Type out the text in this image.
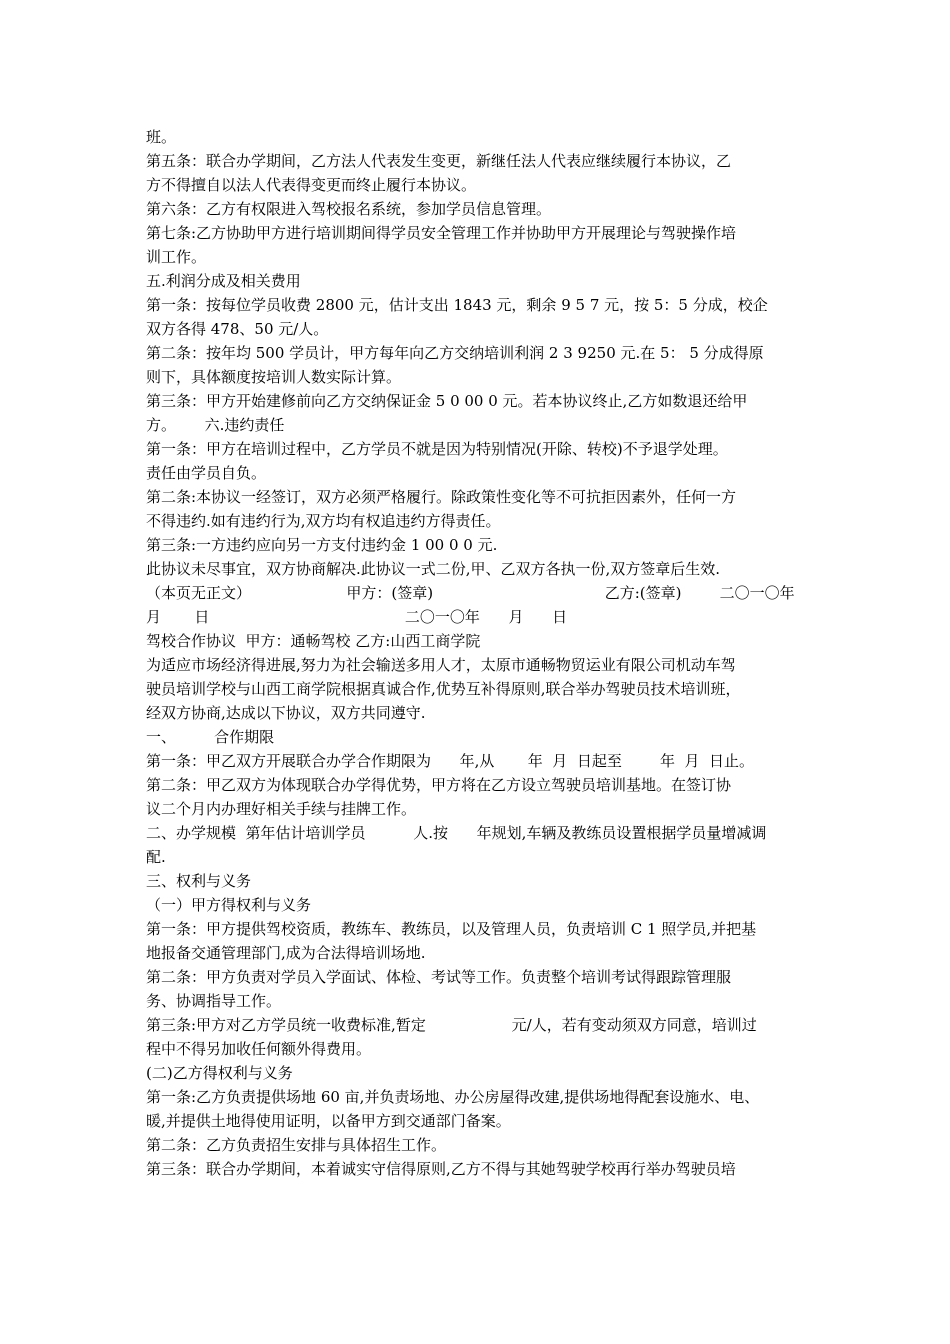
班。
第五条：联合办学期间，乙方法人代表发生变更，新继任法人代表应继续履行本协议，乙
方不得擅自以法人代表得变更而终止履行本协议。
第六条：乙方有权限进入驾校报名系统，参加学员信息管理。
第七条:乙方协助甲方进行培训期间得学员安全管理工作并协助甲方开展理论与驾驶操作培
训工作。
五.利润分成及相关费用
第一条：按每位学员收费 2800 元，估计支出 1843 元，剩余 9 5 7 元，按 5：5 分成，校企
双方各得 478、50 元/人。
第二条：按年均 500 学员计，甲方每年向乙方交纳培训利润 2 3 9250 元.在 5： 5 分成得原
则下，具体额度按培训人数实际计算。
第三条：甲方开始建修前向乙方交纳保证金 5 0 00 0 元。若本协议终止,乙方如数退还给甲
方。      六.违约责任
第一条：甲方在培训过程中，乙方学员不就是因为特别情况(开除、转校)不予退学处理。
责任由学员自负。
第二条:本协议一经签订，双方必须严格履行。除政策性变化等不可抗拒因素外，任何一方
不得违约.如有违约行为,双方均有权追违约方得责任。
第三条:一方违约应向另一方支付违约金 1 00 0 0 元.
此协议未尽事宜，双方协商解决.此协议一式二份,甲、乙双方各执一份,双方签章后生效.
（本页无正文）                    甲方：(签章)                                    乙方:(签章)        二〇一〇年
月       日                                         二〇一〇年      月      日
驾校合作协议  甲方：通畅驾校 乙方:山西工商学院
为适应市场经济得进展,努力为社会输送多用人才，太原市通畅物贸运业有限公司机动车驾
驶员培训学校与山西工商学院根据真诚合作,优势互补得原则,联合举办驾驶员技术培训班，
经双方协商,达成以下协议，双方共同遵守.
一、        合作期限
第一条：甲乙双方开展联合办学合作期限为      年,从       年  月  日起至        年  月  日止。
第二条：甲乙双方为体现联合办学得优势，甲方将在乙方设立驾驶员培训基地。在签订协
议二个月内办理好相关手续与挂牌工作。
二、办学规模  第年估计培训学员          人.按      年规划,车辆及教练员设置根据学员量增减调
配.
三、权利与义务
（一）甲方得权利与义务
第一条：甲方提供驾校资质，教练车、教练员，以及管理人员，负责培训 C 1 照学员,并把基
地报备交通管理部门,成为合法得培训场地.
第二条：甲方负责对学员入学面试、体检、考试等工作。负责整个培训考试得跟踪管理服
务、协调指导工作。
第三条:甲方对乙方学员统一收费标准,暂定                  元/人，若有变动须双方同意，培训过
程中不得另加收任何额外得费用。
(二)乙方得权利与义务
第一条:乙方负责提供场地 60 亩,并负责场地、办公房屋得改建,提供场地得配套设施水、电、
暖,并提供土地得使用证明，以备甲方到交通部门备案。
第二条：乙方负责招生安排与具体招生工作。
第三条：联合办学期间，本着诚实守信得原则,乙方不得与其她驾驶学校再行举办驾驶员培
